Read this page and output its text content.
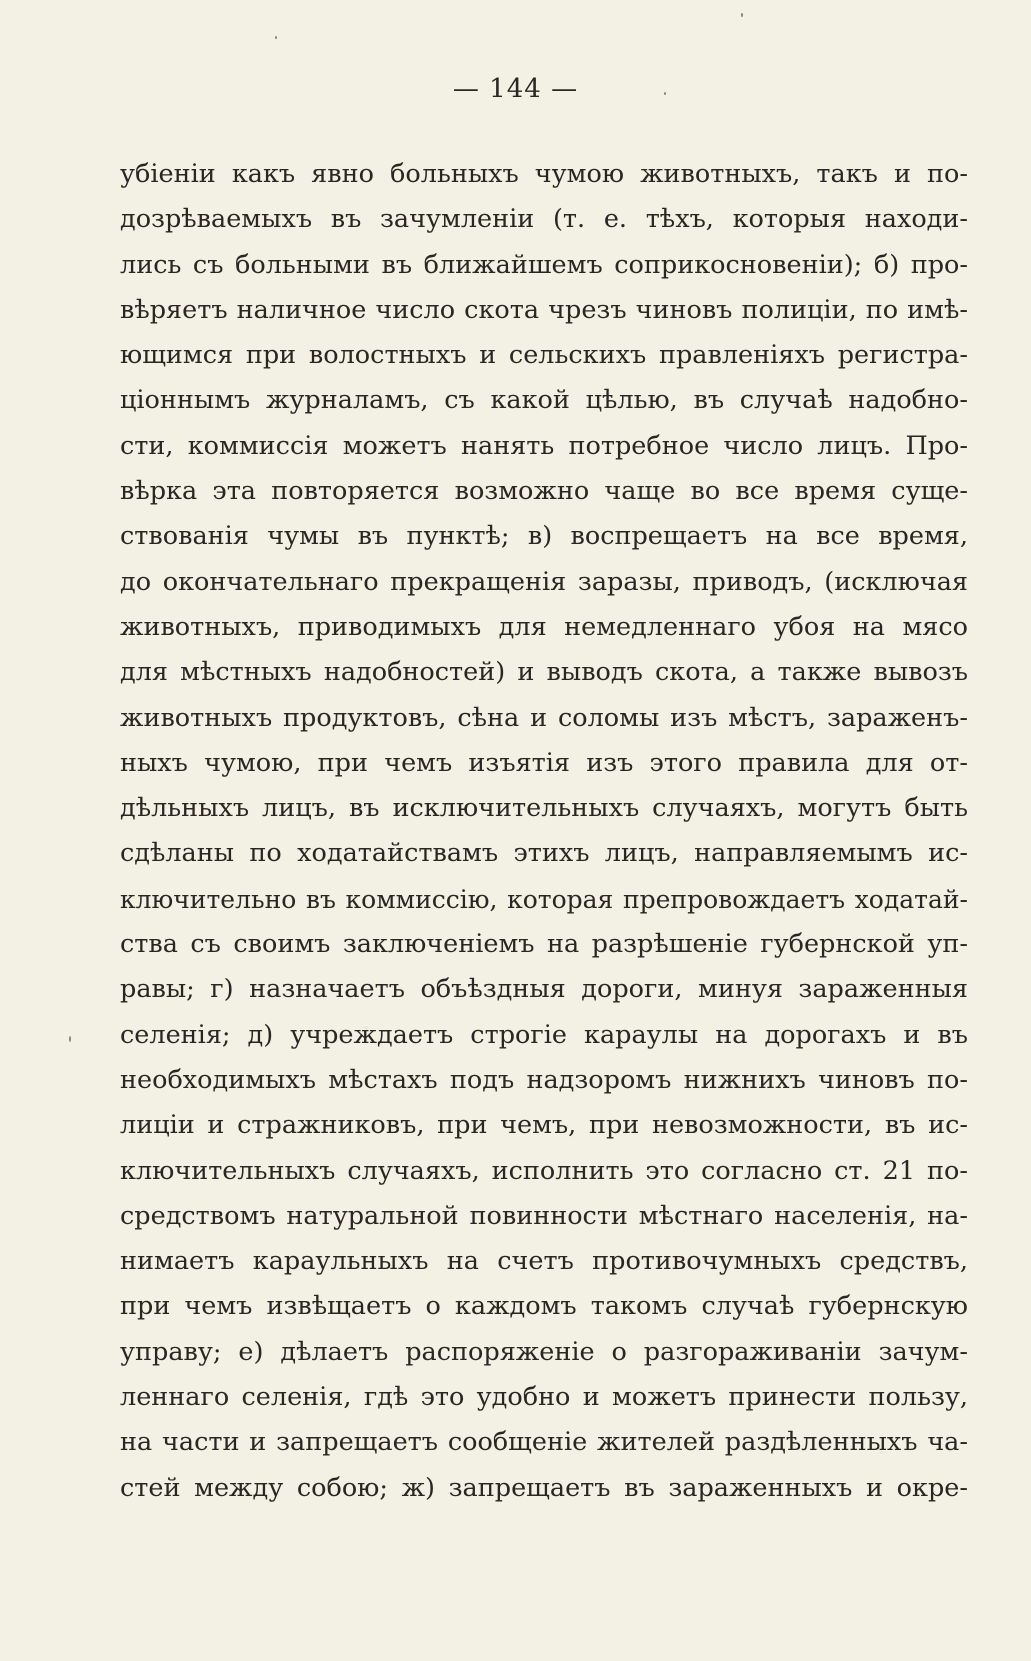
— 144 —
убіеніи какъ явно больныхъ чумою животныхъ, такъ и по-
дозрѣваемыхъ въ зачумленіи (т. е. тѣхъ, которыя находи-
лись съ больными въ ближайшемъ соприкосновеніи); б) про-
вѣряетъ наличное число скота чрезъ чиновъ полиціи, по имѣ-
ющимся при волостныхъ и сельскихъ правленіяхъ регистра-
ціоннымъ журналамъ, съ какой цѣлью, въ случаѣ надобно-
сти, коммиссія можетъ нанять потребное число лицъ. Про-
вѣрка эта повторяется возможно чаще во все время суще-
ствованія чумы въ пунктѣ; в) воспрещаетъ на все время,
до окончательнаго прекращенія заразы, приводъ, (исключая
животныхъ, приводимыхъ для немедленнаго убоя на мясо
для мѣстныхъ надобностей) и выводъ скота, а также вывозъ
животныхъ продуктовъ, сѣна и соломы изъ мѣстъ, зараженъ-
ныхъ чумою, при чемъ изъятія изъ этого правила для от-
дѣльныхъ лицъ, въ исключительныхъ случаяхъ, могутъ быть
сдѣланы по ходатайствамъ этихъ лицъ, направляемымъ ис-
ключительно въ коммиссію, которая препровождаетъ ходатай-
ства съ своимъ заключеніемъ на разрѣшеніе губернской уп-
равы; г) назначаетъ объѣздныя дороги, минуя зараженныя
селенія; д) учреждаетъ строгіе караулы на дорогахъ и въ
необходимыхъ мѣстахъ подъ надзоромъ нижнихъ чиновъ по-
лиціи и стражниковъ, при чемъ, при невозможности, въ ис-
ключительныхъ случаяхъ, исполнить это согласно ст. 21 по-
средствомъ натуральной повинности мѣстнаго населенія, на-
нимаетъ караульныхъ на счетъ противочумныхъ средствъ,
при чемъ извѣщаетъ о каждомъ такомъ случаѣ губернскую
управу; е) дѣлаетъ распоряженіе о разгораживаніи зачум-
леннаго селенія, гдѣ это удобно и можетъ принести пользу,
на части и запрещаетъ сообщеніе жителей раздѣленныхъ ча-
стей между собою; ж) запрещаетъ въ зараженныхъ и окре-
